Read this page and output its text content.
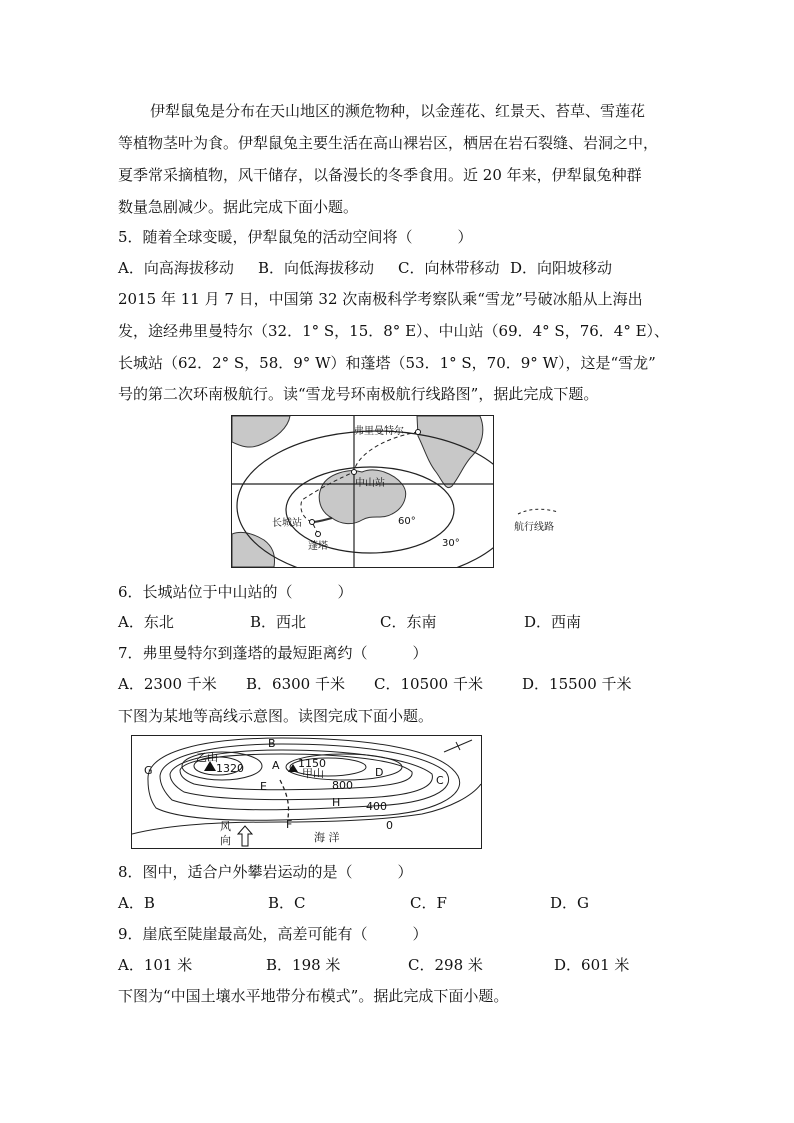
伊犁鼠兔是分布在天山地区的濒危物种，以金莲花、红景天、苔草、雪莲花
等植物茎叶为食。伊犁鼠兔主要生活在高山裸岩区，栖居在岩石裂缝、岩洞之中，
夏季常采摘植物，风干储存，以备漫长的冬季食用。近 20 年来，伊犁鼠兔种群
数量急剧减少。据此完成下面小题。
5．随着全球变暖，伊犁鼠兔的活动空间将（　　　）
A．向高海拔移动 B．向低海拔移动 C．向林带移动 D．向阳坡移动
2015 年 11 月 7 日，中国第 32 次南极科学考察队乘“雪龙”号破冰船从上海出
发，途经弗里曼特尔（32．1° S，15．8° E）、中山站（69．4° S，76．4° E）、
长城站（62．2° S，58．9° W）和蓬塔（53．1° S，70．9° W），这是“雪龙”
号的第二次环南极航行。读“雪龙号环南极航行线路图”，据此完成下题。
弗里曼特尔
中山站
长城站
蓬塔
60°
30°
航行线路
6．长城站位于中山站的（　　　）
A．东北	B．西北	C．东南	D．西南
7．弗里曼特尔到蓬塔的最短距离约（　　　）
A．2300 千米 B．6300 千米 C．10500 千米	D．15500 千米
下图为某地等高线示意图。读图完成下面小题。
乙山
1320	1150
甲山
800
400
0
A
B
C
D
E
F
G
H
风
向	海 洋
8．图中，适合户外攀岩运动的是（　　　）
A．B	B．C	C．F	D．G
9．崖底至陡崖最高处，高差可能有（　　　）
A．101 米	B．198 米	C．298 米	D．601 米
下图为“中国土壤水平地带分布模式”。据此完成下面小题。
